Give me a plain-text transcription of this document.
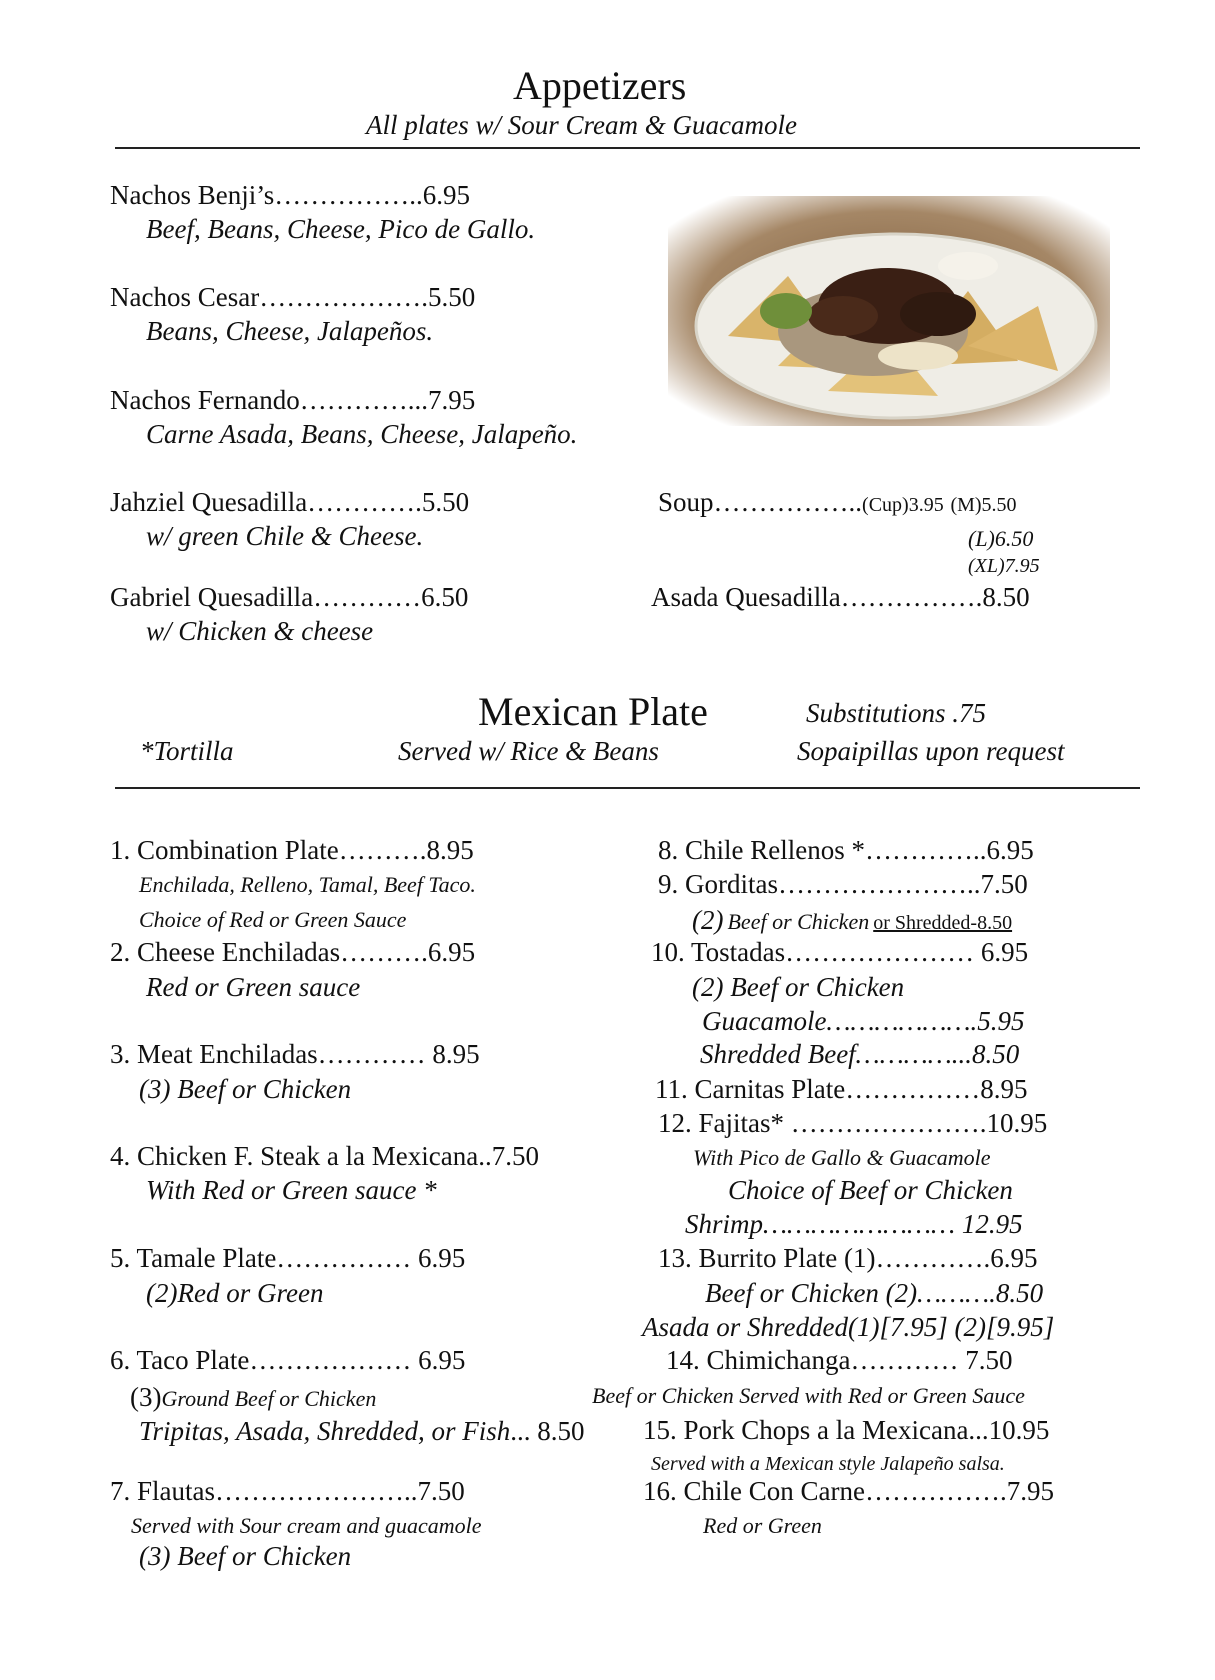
Appetizers
All plates w/ Sour Cream & Guacamole
Nachos Benji’s……………..6.95
Beef, Beans, Cheese, Pico de Gallo.
Nachos Cesar……………….5.50
Beans, Cheese, Jalapeños.
Nachos Fernando…………...7.95
Carne Asada, Beans, Cheese, Jalapeño.
Jahziel Quesadilla………….5.50
w/ green Chile & Cheese.
Gabriel Quesadilla…………6.50
w/ Chicken & cheese
Soup……………..(Cup)3.95 (M)5.50
(L)6.50
(XL)7.95
Asada Quesadilla…………….8.50
Mexican Plate	Substitutions .75
*Tortilla	Served w/ Rice & Beans	Sopaipillas upon request
1. Combination Plate……….8.95
Enchilada, Relleno, Tamal, Beef Taco.
Choice of Red or Green Sauce
2. Cheese Enchiladas……….6.95
Red or Green sauce
3. Meat Enchiladas………… 8.95
(3) Beef or Chicken
4. Chicken F. Steak a la Mexicana..7.50
With Red or Green sauce *
5. Tamale Plate…………… 6.95
(2)Red or Green
6. Taco Plate……………… 6.95
(3)Ground Beef or Chicken
Tripitas, Asada, Shredded, or Fish... 8.50
7. Flautas…………………..7.50
Served with Sour cream and guacamole
(3) Beef or Chicken
8. Chile Rellenos *…………..6.95
9. Gorditas…………………..7.50
(2) Beef or Chicken or Shredded-8.50
10. Tostadas………………… 6.95
(2) Beef or Chicken
Guacamole……………….5.95
Shredded Beef…………...8.50
11. Carnitas Plate……………8.95
12. Fajitas* ………………….10.95
With Pico de Gallo & Guacamole
Choice of Beef or Chicken
Shrimp…………………… 12.95
13. Burrito Plate (1)………….6.95
Beef or Chicken (2)……….8.50
Asada or Shredded(1)[7.95] (2)[9.95]
14. Chimichanga………… 7.50
Beef or Chicken Served with Red or Green Sauce
15. Pork Chops a la Mexicana...10.95
Served with a Mexican style Jalapeño salsa.
16. Chile Con Carne…………….7.95
Red or Green
